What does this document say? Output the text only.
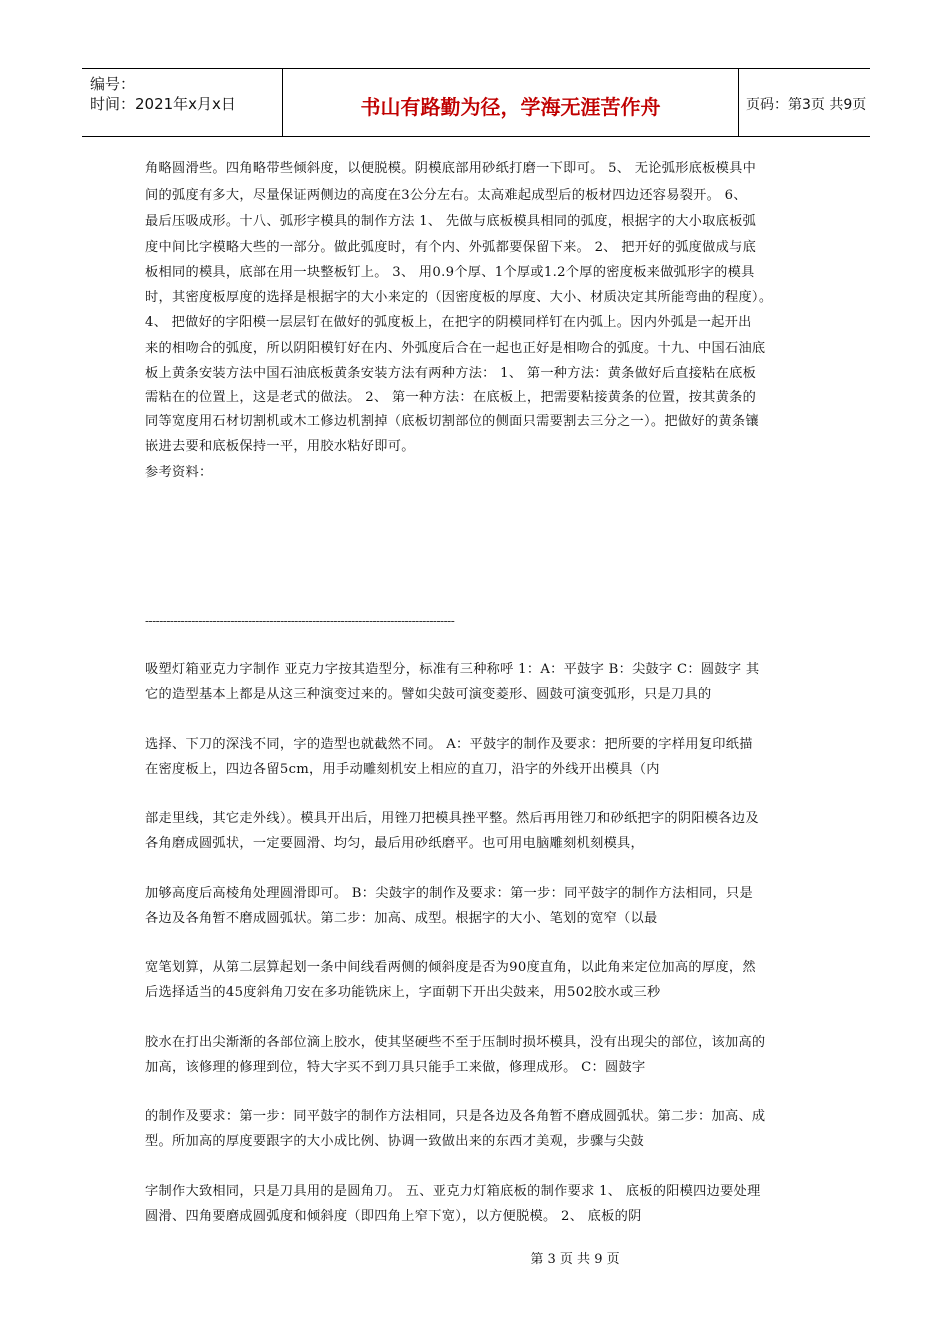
编号：
时间：2021年x月x日	书山有路勤为径，学海无涯苦作舟	页码：第3页 共9页
角略圆滑些。四角略带些倾斜度，以便脱模。阴模底部用砂纸打磨一下即可。 5、 无论弧形底板模具中
间的弧度有多大，尽量保证两侧边的高度在3公分左右。太高难起成型后的板材四边还容易裂开。 6、
最后压吸成形。十八、弧形字模具的制作方法 1、 先做与底板模具相同的弧度，根据字的大小取底板弧
度中间比字模略大些的一部分。做此弧度时，有个内、外弧都要保留下来。 2、 把开好的弧度做成与底
板相同的模具，底部在用一块整板钉上。 3、 用0.9个厚、1个厚或1.2个厚的密度板来做弧形字的模具
时，其密度板厚度的选择是根据字的大小来定的（因密度板的厚度、大小、材质决定其所能弯曲的程度）。
4、 把做好的字阳模一层层钉在做好的弧度板上，在把字的阴模同样钉在内弧上。因内外弧是一起开出
来的相吻合的弧度，所以阴阳模钉好在内、外弧度后合在一起也正好是相吻合的弧度。十九、中国石油底
板上黄条安装方法中国石油底板黄条安装方法有两种方法： 1、 第一种方法：黄条做好后直接粘在底板
需粘在的位置上，这是老式的做法。 2、 第一种方法：在底板上，把需要粘接黄条的位置，按其黄条的
同等宽度用石材切割机或木工修边机割掉（底板切割部位的侧面只需要割去三分之一）。把做好的黄条镶
嵌进去要和底板保持一平，用胶水粘好即可。
参考资料：
---------------------------------------------------------------------------------------
吸塑灯箱亚克力字制作 亚克力字按其造型分，标准有三种称呼 1：A：平鼓字 B：尖鼓字 C：圆鼓字 其
它的造型基本上都是从这三种演变过来的。譬如尖鼓可演变菱形、圆鼓可演变弧形，只是刀具的
选择、下刀的深浅不同，字的造型也就截然不同。 A：平鼓字的制作及要求：把所要的字样用复印纸描
在密度板上，四边各留5cm，用手动雕刻机安上相应的直刀，沿字的外线开出模具（内
部走里线，其它走外线）。模具开出后，用锉刀把模具挫平整。然后再用锉刀和砂纸把字的阴阳模各边及
各角磨成圆弧状，一定要圆滑、均匀，最后用砂纸磨平。也可用电脑雕刻机刻模具，
加够高度后高棱角处理圆滑即可。 B：尖鼓字的制作及要求：第一步：同平鼓字的制作方法相同，只是
各边及各角暂不磨成圆弧状。第二步：加高、成型。根据字的大小、笔划的宽窄（以最
宽笔划算，从第二层算起划一条中间线看两侧的倾斜度是否为90度直角，以此角来定位加高的厚度，然
后选择适当的45度斜角刀安在多功能铣床上，字面朝下开出尖鼓来，用502胶水或三秒
胶水在打出尖渐渐的各部位滴上胶水，使其坚硬些不至于压制时损坏模具，没有出现尖的部位，该加高的
加高，该修理的修理到位，特大字买不到刀具只能手工来做，修理成形。 C：圆鼓字
的制作及要求：第一步：同平鼓字的制作方法相同，只是各边及各角暂不磨成圆弧状。第二步：加高、成
型。所加高的厚度要跟字的大小成比例、协调一致做出来的东西才美观，步骤与尖鼓
字制作大致相同，只是刀具用的是圆角刀。 五、亚克力灯箱底板的制作要求 1、 底板的阳模四边要处理
圆滑、四角要磨成圆弧度和倾斜度（即四角上窄下宽），以方便脱模。 2、 底板的阴
第 3 页 共 9 页
